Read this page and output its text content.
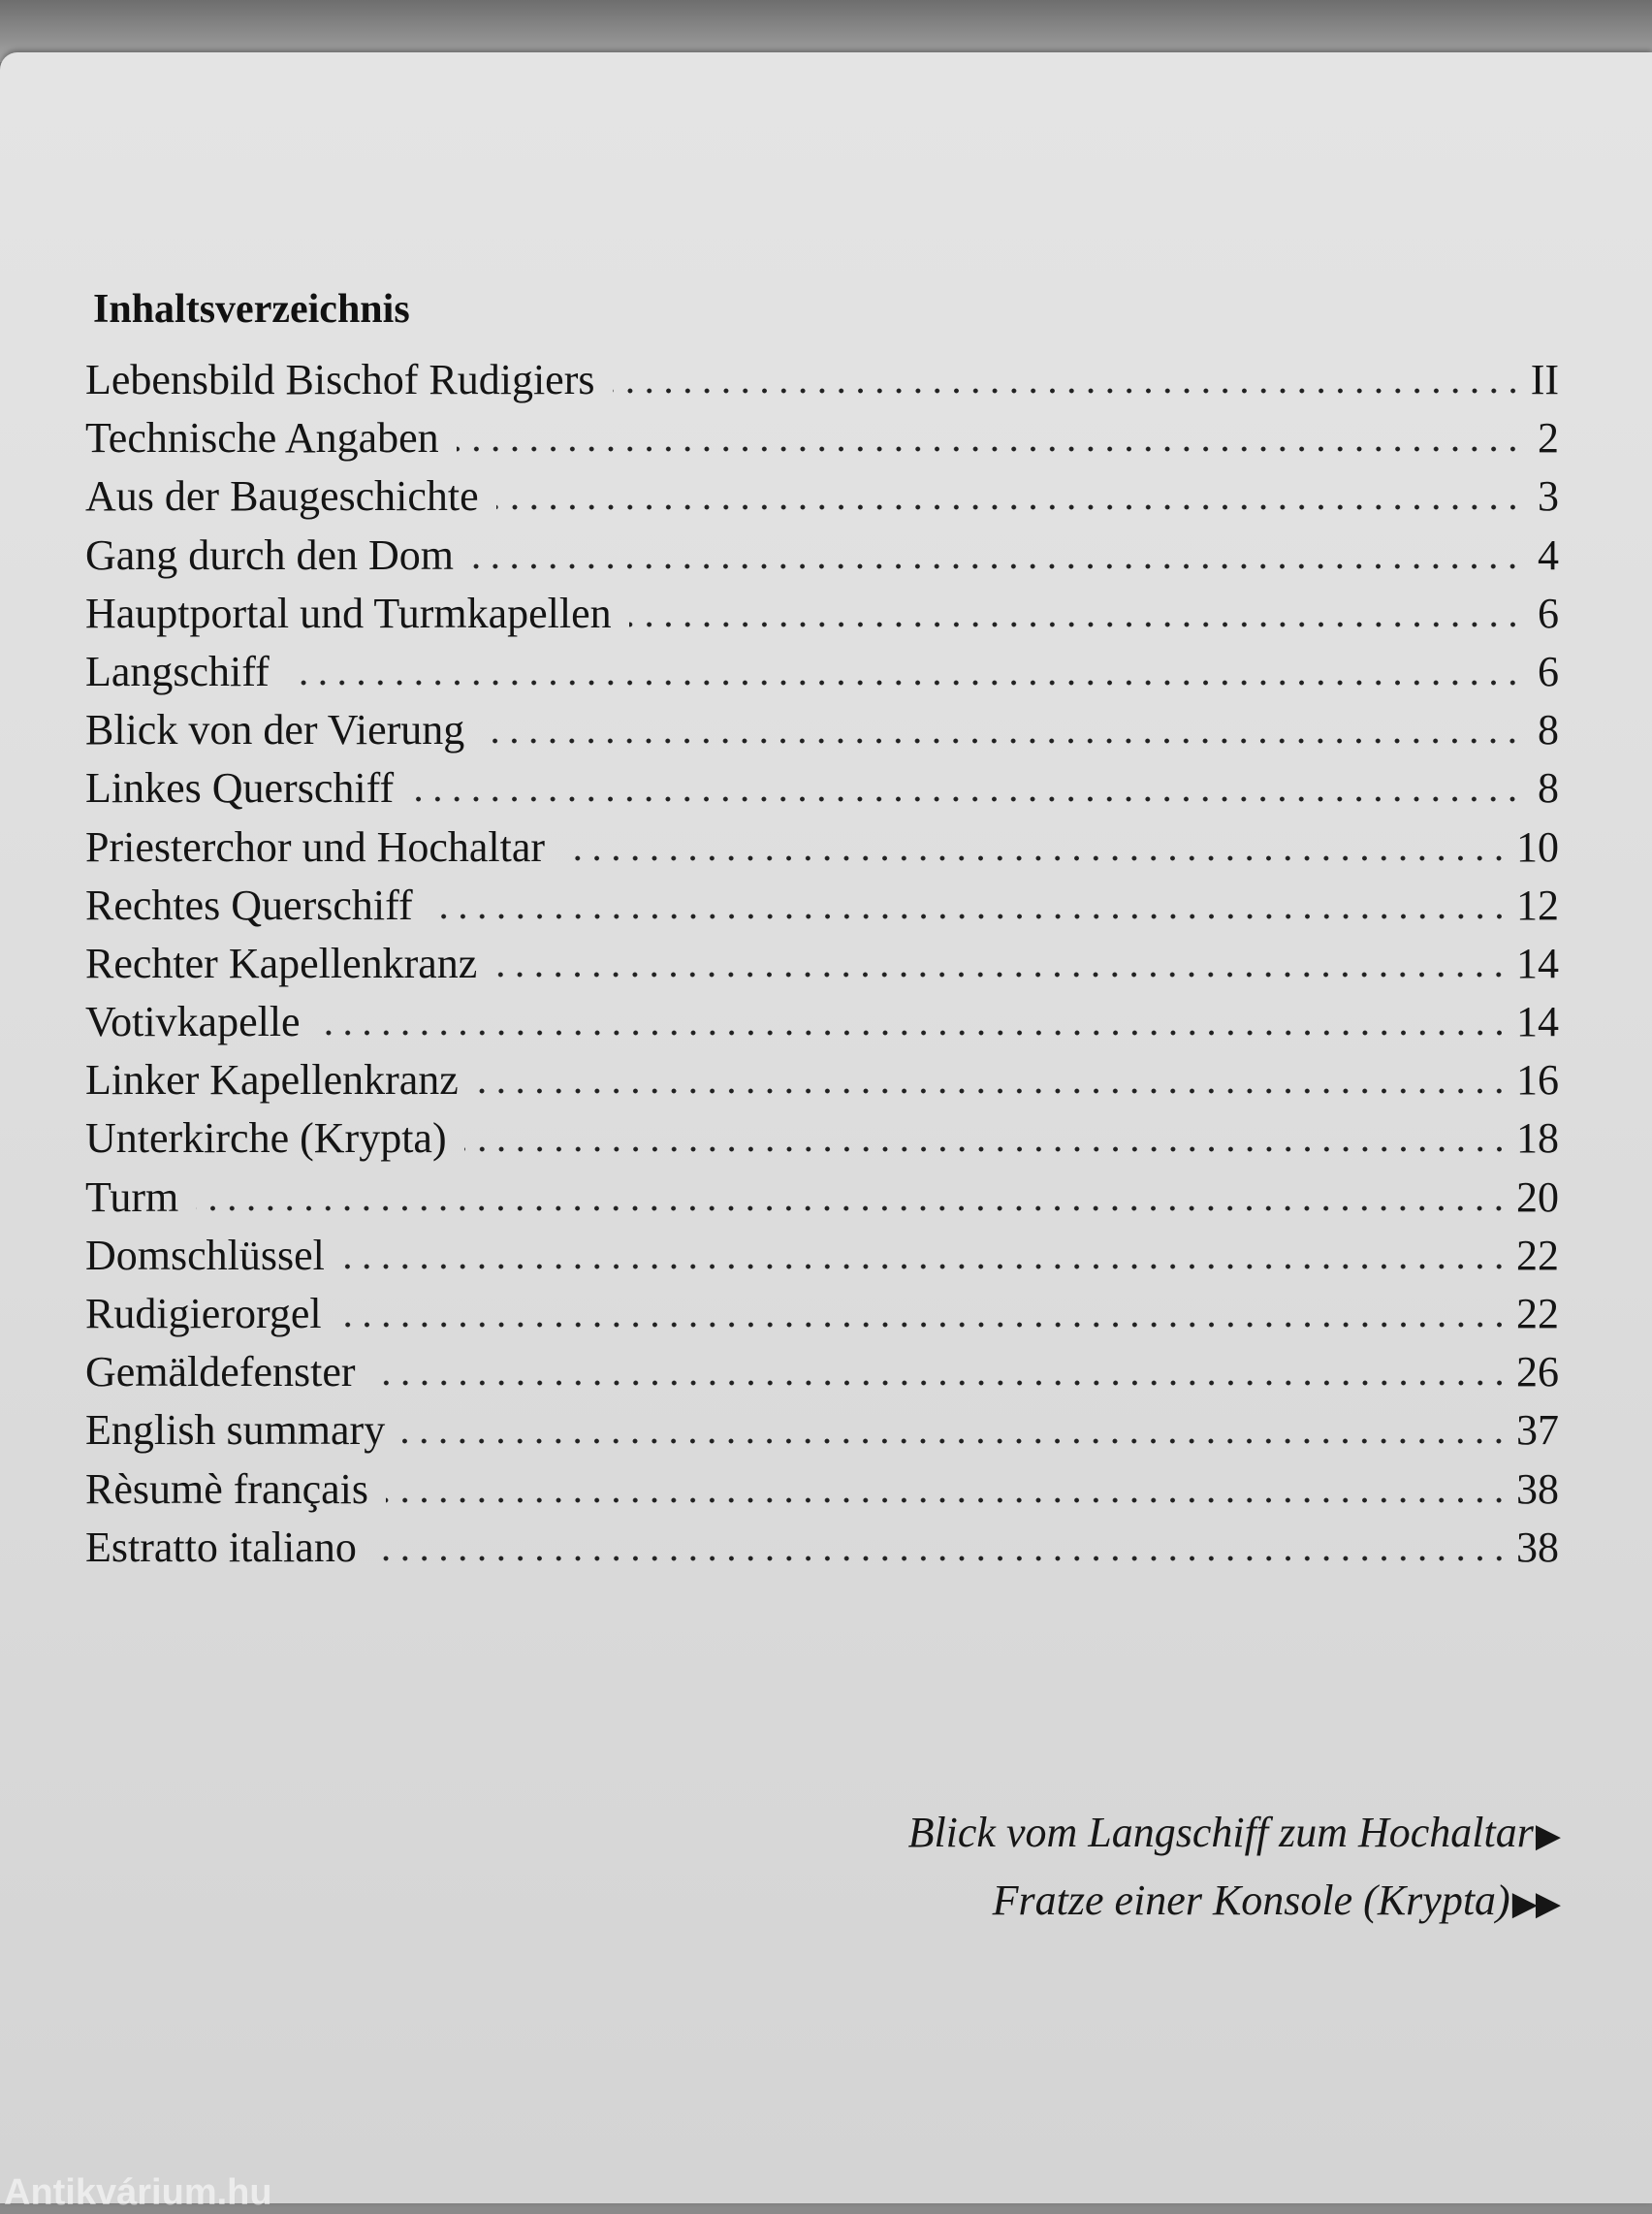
Inhaltsverzeichnis
Lebensbild Bischof Rudigiers	II
Technische Angaben	2
Aus der Baugeschichte	3
Gang durch den Dom	4
Hauptportal und Turmkapellen	6
Langschiff	6
Blick von der Vierung	8
Linkes Querschiff	8
Priesterchor und Hochaltar	10
Rechtes Querschiff	12
Rechter Kapellenkranz	14
Votivkapelle	14
Linker Kapellenkranz	16
Unterkirche (Krypta)	18
Turm	20
Domschlüssel	22
Rudigierorgel	22
Gemäldefenster	26
English summary	37
Rèsumè français	38
Estratto italiano	38
Blick vom Langschiff zum Hochaltar▶
Fratze einer Konsole (Krypta)▶▶
Antikvárium.hu
